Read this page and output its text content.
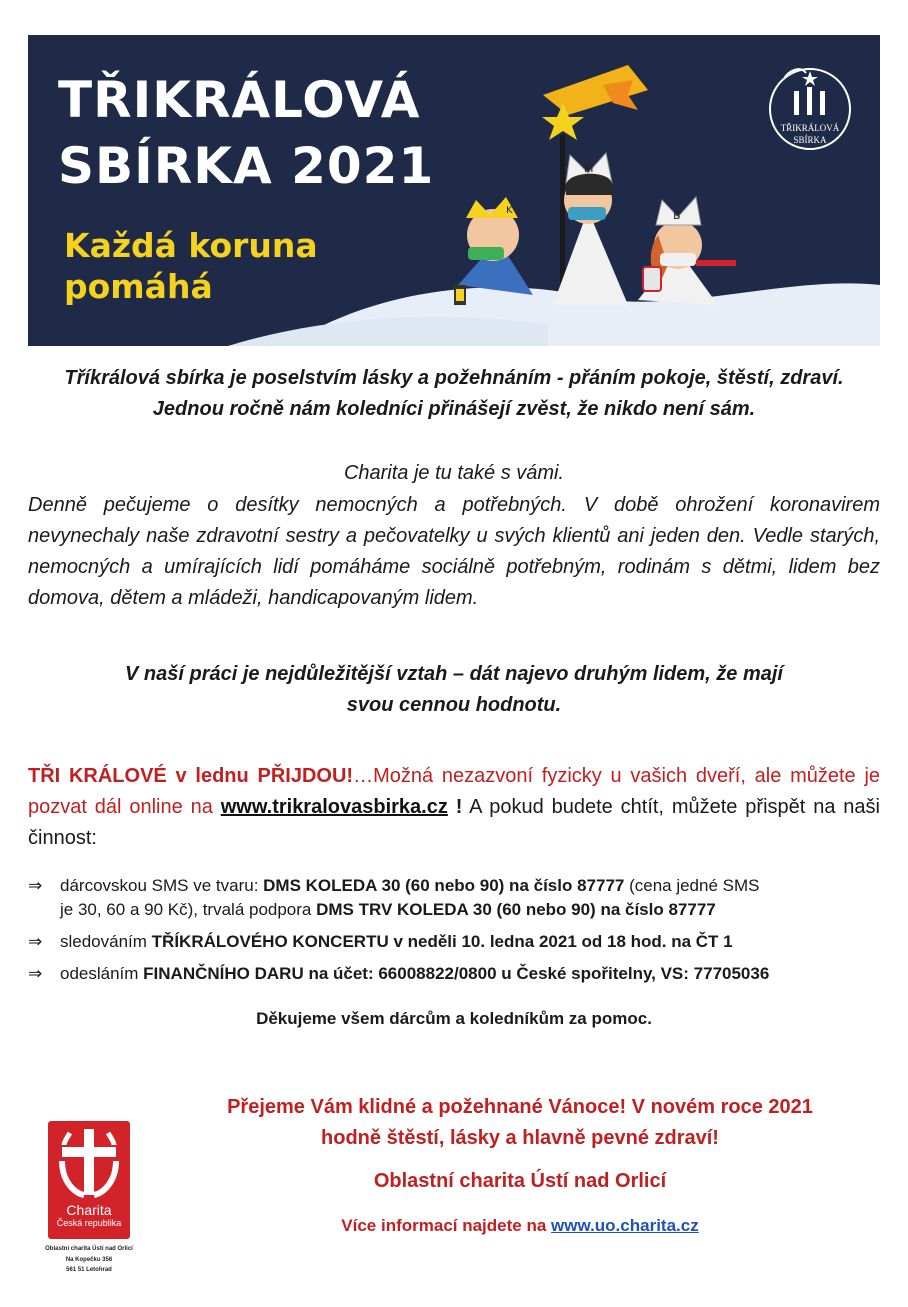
K
M
B
TŘIKRÁLOVÁ
SBÍRKA 2021
Každá koruna
pomáhá
TŘIKRÁLOVÁ
SBÍRKA

Tříkrálová sbírka je poselstvím lásky a požehnáním - přáním pokoje, štěstí, zdraví.
Jednou ročně nám koledníci přinášejí zvěst, že nikdo není sám.

Charita je tu také s vámi.

Denně pečujeme o desítky nemocných a potřebných. V době ohrožení koronavirem nevynechaly naše zdravotní sestry a pečovatelky u svých klientů ani jeden den. Vedle starých, nemocných a umírajících lidí pomáháme sociálně potřebným, rodinám s dětmi, lidem bez domova, dětem a mládeži, handicapovaným lidem.

V naší práci je nejdůležitější vztah – dát najevo druhým lidem, že mají
svou cennou hodnotu.

TŘI KRÁLOVÉ v lednu PŘIJDOU!…Možná nezazvoní fyzicky u vašich dveří, ale můžete je pozvat dál online na www.trikralovasbirka.cz ! A pokud budete chtít, můžete přispět na naši činnost:

⇒ dárcovskou SMS ve tvaru: DMS KOLEDA 30 (60 nebo 90) na číslo 87777 (cena jedné SMS
je 30, 60 a 90 Kč), trvalá podpora DMS TRV KOLEDA 30 (60 nebo 90) na číslo 87777
⇒ sledováním TŘÍKRÁLOVÉHO KONCERTU v neděli 10. ledna 2021 od 18 hod. na ČT 1
⇒ odesláním FINANČNÍHO DARU na účet: 66008822/0800 u České spořitelny, VS: 77705036

Děkujeme všem dárcům a koledníkům za pomoc.

Přejeme Vám klidné a požehnané Vánoce! V novém roce 2021
hodně štěstí, lásky a hlavně pevné zdraví!

Oblastní charita Ústí nad Orlicí

Více informací najdete na www.uo.charita.cz

Charita
Česká republika
Oblastní charita Ústí nad Orlicí
Na Kopečku 356
561 51 Letohrad
